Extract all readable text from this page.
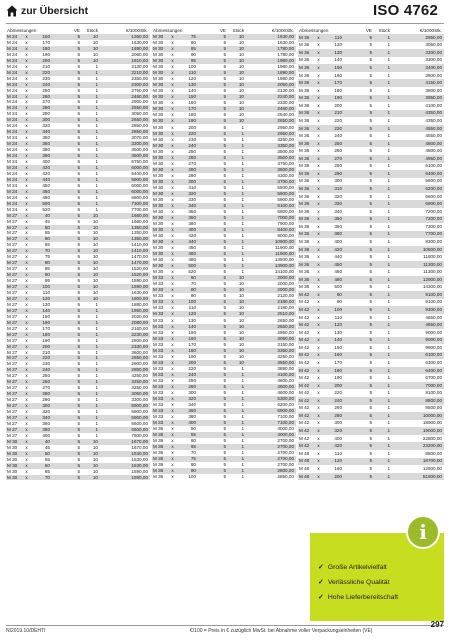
zur Übersicht	ISO 4762
Abmessungen			VE	Stück	€/1000Stk.
M 24	x	160	5	10	1360,00
M 24	x	170	5	10	1630,00
M 24	x	180	5	10	1690,00
M 24	x	190	5	10	2060,00
M 24	x	200	5	10	1810,00
M 24	x	210	5	1	2130,00
M 24	x	220	5	1	2210,00
M 24	x	230	5	1	2350,00
M 24	x	240	5	1	2300,00
M 24	x	250	5	1	2750,00
M 24	x	260	5	1	2460,00
M 24	x	270	5	1	2900,00
M 24	x	280	5	1	2550,00
M 24	x	290	5	1	3050,00
M 24	x	300	5	1	2650,00
M 24	x	320	5	1	2850,00
M 24	x	340	5	1	2850,00
M 24	x	350	5	1	3070,00
M 24	x	360	5	1	3200,00
M 24	x	380	5	1	3500,00
M 24	x	360	5	1	3500,00
M 24	x	400	5	1	5750,00
M 24	x	420	5	1	6000,00
M 24	x	420	5	1	5400,00
M 24	x	440	5	1	5900,00
M 24	x	450	5	1	6000,00
M 24	x	460	5	1	6000,00
M 24	x	480	5	1	6800,00
M 24	x	500	5	1	7300,00
M 24	x	520	5	1	7700,00
M 27	x	40	5	10	1660,00
M 27	x	45	5	10	1660,00
M 27	x	50	5	10	1350,00
M 27	x	55	5	10	1350,00
M 27	x	60	5	10	1350,00
M 27	x	65	5	10	1410,00
M 27	x	70	5	10	1410,00
M 27	x	75	5	10	1470,00
M 27	x	80	5	10	1470,00
M 27	x	85	5	10	1520,00
M 27	x	90	5	10	1520,00
M 27	x	95	5	10	1590,00
M 27	x	100	5	10	1590,00
M 27	x	110	5	10	1630,00
M 27	x	120	5	10	1800,00
M 27	x	130	5	1	1880,00
M 27	x	140	5	1	1950,00
M 27	x	150	5	1	2020,00
M 27	x	160	5	1	2080,00
M 27	x	170	5	1	2160,00
M 27	x	180	5	1	2230,00
M 27	x	190	5	1	2800,00
M 27	x	200	5	1	2330,00
M 27	x	210	5	1	3600,00
M 27	x	220	5	1	2650,00
M 27	x	230	5	1	2900,00
M 27	x	240	5	1	2850,00
M 27	x	250	5	1	4250,00
M 27	x	260	5	1	3250,00
M 27	x	270	5	1	3250,00
M 27	x	280	5	1	3050,00
M 27	x	290	5	1	3300,00
M 27	x	300	5	1	5900,00
M 27	x	320	5	1	5900,00
M 27	x	340	5	1	5900,00
M 27	x	360	5	1	5600,00
M 27	x	380	5	1	6600,00
M 27	x	400	5	1	7800,00
M 30	x	40	5	10	1670,00
M 30	x	45	5	10	1670,00
M 30	x	50	5	10	1530,00
M 30	x	55	5	10	1530,00
M 30	x	60	5	10	1530,00
M 30	x	65	5	10	1590,00
M 30	x	70	5	10	1590,00
Abmessungen			VE	Stück	€/1000Stk.
M 30	x	75	5	10	1630,00
M 30	x	80	5	10	1630,00
M 30	x	85	5	10	1780,00
M 30	x	90	5	10	1780,00
M 30	x	95	5	10	1980,00
M 30	x	100	5	10	1980,00
M 30	x	110	5	10	1890,00
M 30	x	120	5	10	1980,00
M 30	x	130	5	10	2050,00
M 30	x	140	5	10	2130,00
M 30	x	150	5	10	2240,00
M 30	x	160	5	10	2330,00
M 30	x	170	5	10	2460,00
M 30	x	180	5	10	2540,00
M 30	x	190	5	10	2650,00
M 30	x	200	5	1	2950,00
M 30	x	220	5	1	2950,00
M 30	x	230	5	1	3250,00
M 30	x	240	5	1	3350,00
M 30	x	250	5	1	3500,00
M 30	x	260	5	1	3500,00
M 30	x	270	5	1	3750,00
M 30	x	280	5	1	3600,00
M 30	x	290	5	1	4300,00
M 30	x	300	5	1	3700,00
M 30	x	310	5	1	5500,00
M 30	x	320	5	1	5900,00
M 30	x	330	5	1	5900,00
M 30	x	340	5	1	6100,00
M 30	x	350	5	1	6800,00
M 30	x	360	5	1	7000,00
M 30	x	380	5	1	7900,00
M 30	x	400	5	1	8400,00
M 30	x	420	5	1	9000,00
M 30	x	440	5	1	10900,00
M 30	x	450	5	1	11900,00
M 30	x	460	5	1	11900,00
M 30	x	480	5	1	13500,00
M 30	x	500	5	1	13900,00
M 30	x	520	5	1	14100,00
M 33	x	60	5	10	2000,00
M 33	x	70	5	10	2000,00
M 33	x	80	5	10	2000,00
M 33	x	90	5	10	2120,00
M 33	x	100	5	10	2180,00
M 33	x	110	5	10	2180,00
M 33	x	120	5	10	2510,00
M 33	x	130	5	10	2650,00
M 33	x	140	5	10	2650,00
M 33	x	150	5	10	2950,00
M 33	x	160	5	10	3050,00
M 33	x	170	5	10	3150,00
M 33	x	180	5	10	3350,00
M 33	x	190	5	10	3250,00
M 33	x	200	5	10	3550,00
M 33	x	220	5	1	3890,00
M 33	x	240	5	1	4100,00
M 33	x	250	5	1	4600,00
M 33	x	260	5	1	4600,00
M 33	x	300	5	1	4600,00
M 33	x	320	5	1	5300,00
M 33	x	340	5	1	6200,00
M 33	x	360	5	1	6900,00
M 33	x	380	5	1	7100,00
M 33	x	400	5	1	7100,00
M 36	x	50	5	1	4000,00
M 36	x	55	5	1	4000,00
M 36	x	60	5	1	2700,00
M 36	x	65	5	1	2700,00
M 36	x	70	5	1	2700,00
M 36	x	75	5	1	2700,00
M 36	x	80	5	1	2700,00
M 36	x	90	5	1	2800,00
M 36	x	100	5	1	2850,00
Abmessungen			VE	Stück	€/1000Stk.
M 36	x	110	5	1	2950,00
M 36	x	120	5	1	3050,00
M 36	x	130	5	1	3200,00
M 36	x	140	5	1	3300,00
M 36	x	150	5	1	3400,00
M 36	x	160	5	1	3500,00
M 36	x	170	5	1	4150,00
M 36	x	180	5	1	3800,00
M 36	x	190	5	1	3950,00
M 36	x	200	5	1	4100,00
M 36	x	210	5	1	4350,00
M 36	x	220	5	1	4350,00
M 36	x	230	5	1	4550,00
M 36	x	240	5	1	4550,00
M 36	x	250	5	1	4800,00
M 36	x	260	5	1	4800,00
M 36	x	270	5	1	4950,00
M 36	x	280	5	1	5100,00
M 36	x	290	5	1	5400,00
M 36	x	300	5	1	5600,00
M 36	x	310	5	1	6200,00
M 36	x	320	5	1	6600,00
M 36	x	330	5	1	6900,00
M 36	x	340	5	1	7200,00
M 36	x	350	5	1	7200,00
M 36	x	360	5	1	7300,00
M 36	x	380	5	1	7700,00
M 36	x	400	5	1	8300,00
M 36	x	420	5	1	10600,00
M 36	x	440	5	1	11800,00
M 36	x	450	5	1	11300,00
M 36	x	460	5	1	11300,00
M 36	x	480	5	1	12900,00
M 36	x	500	5	1	14300,00
M 42	x	80	5	1	9100,00
M 42	x	90	5	1	9100,00
M 42	x	100	5	1	9300,00
M 42	x	110	5	1	4650,00
M 42	x	120	5	1	4650,00
M 42	x	130	5	1	9000,00
M 42	x	140	5	1	9000,00
M 42	x	150	5	1	9900,00
M 42	x	160	5	1	6100,00
M 42	x	170	5	1	6300,00
M 42	x	180	5	1	6400,00
M 42	x	190	5	1	6700,00
M 42	x	200	5	1	7000,00
M 42	x	220	5	1	8100,00
M 42	x	240	5	1	8800,00
M 42	x	260	5	1	9500,00
M 42	x	280	5	1	10000,00
M 42	x	300	5	1	18900,00
M 42	x	320	5	1	19000,00
M 42	x	400	5	1	22800,00
M 42	x	420	5	1	23200,00
M 48	x	110	5	1	8800,00
M 48	x	120	5	1	18700,00
M 48	x	160	5	1	12500,00
M 48	x	200	5	1	51500,00
i
✓ Große Artikelvielfalt
✓ Verlässliche Qualität
✓ Hohe Lieferbereitschaft
NI2019.10/DEHTI	€/100 = Preis in € zuzüglich MwSt. bei Abnahme voller Verpackungseinheiten (VE)
297
